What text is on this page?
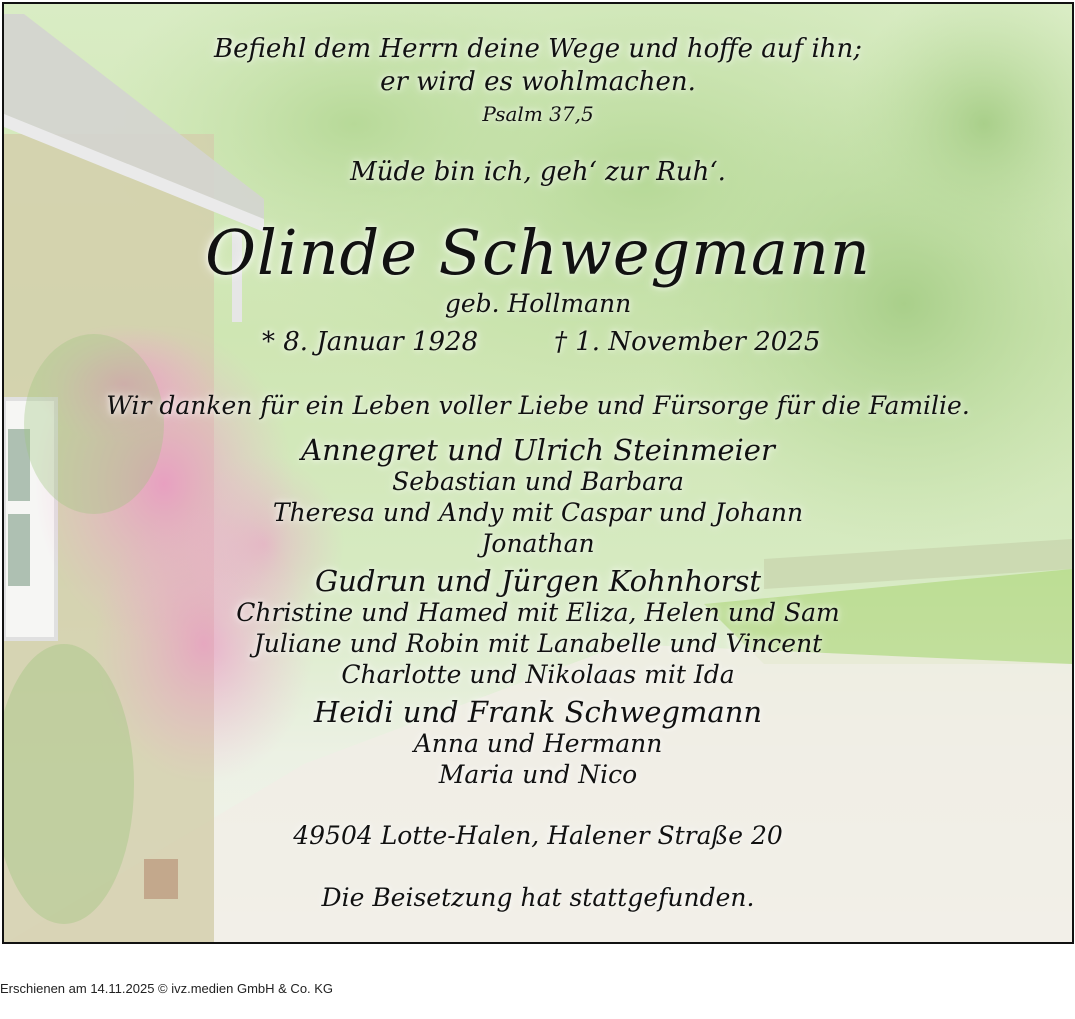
Befiehl dem Herrn deine Wege und hoffe auf ihn;
er wird es wohlmachen.
Psalm 37,5
Müde bin ich, geh‘ zur Ruh‘.
Olinde Schwegmann
geb. Hollmann
* 8. Januar 1928	† 1. November 2025
Wir danken für ein Leben voller Liebe und Fürsorge für die Familie.
Annegret und Ulrich Steinmeier
Sebastian und Barbara
Theresa und Andy mit Caspar und Johann
Jonathan
Gudrun und Jürgen Kohnhorst
Christine und Hamed mit Eliza, Helen und Sam
Juliane und Robin mit Lanabelle und Vincent
Charlotte und Nikolaas mit Ida
Heidi und Frank Schwegmann
Anna und Hermann
Maria und Nico
49504 Lotte-Halen, Halener Straße 20
Die Beisetzung hat stattgefunden.
Erschienen am 14.11.2025 © ivz.medien GmbH & Co. KG
